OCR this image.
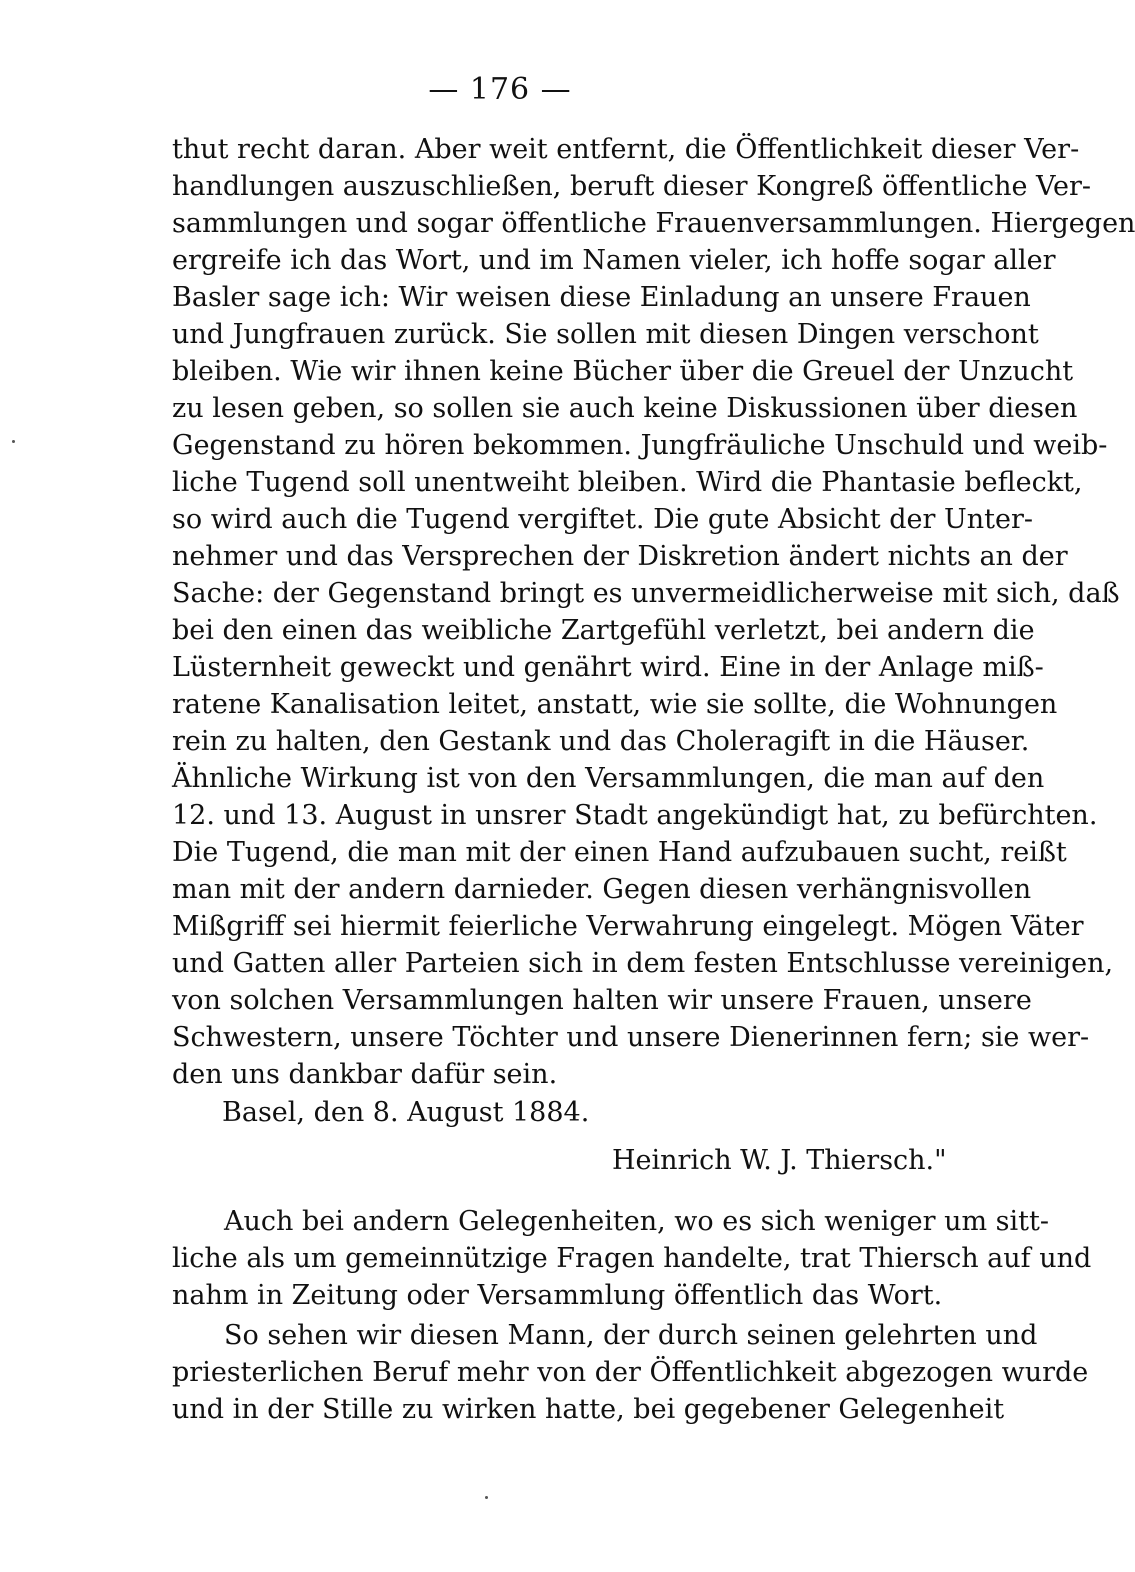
— 176 —
thut recht daran. Aber weit entfernt, die Öffentlichkeit dieser Ver-
handlungen auszuschließen, beruft dieser Kongreß öffentliche Ver-
sammlungen und sogar öffentliche Frauenversammlungen. Hiergegen
ergreife ich das Wort, und im Namen vieler, ich hoffe sogar aller
Basler sage ich: Wir weisen diese Einladung an unsere Frauen
und Jungfrauen zurück. Sie sollen mit diesen Dingen verschont
bleiben. Wie wir ihnen keine Bücher über die Greuel der Unzucht
zu lesen geben, so sollen sie auch keine Diskussionen über diesen
Gegenstand zu hören bekommen. Jungfräuliche Unschuld und weib-
liche Tugend soll unentweiht bleiben. Wird die Phantasie befleckt,
so wird auch die Tugend vergiftet. Die gute Absicht der Unter-
nehmer und das Versprechen der Diskretion ändert nichts an der
Sache: der Gegenstand bringt es unvermeidlicherweise mit sich, daß
bei den einen das weibliche Zartgefühl verletzt, bei andern die
Lüsternheit geweckt und genährt wird. Eine in der Anlage miß-
ratene Kanalisation leitet, anstatt, wie sie sollte, die Wohnungen
rein zu halten, den Gestank und das Choleragift in die Häuser.
Ähnliche Wirkung ist von den Versammlungen, die man auf den
12. und 13. August in unsrer Stadt angekündigt hat, zu befürchten.
Die Tugend, die man mit der einen Hand aufzubauen sucht, reißt
man mit der andern darnieder. Gegen diesen verhängnisvollen
Mißgriff sei hiermit feierliche Verwahrung eingelegt. Mögen Väter
und Gatten aller Parteien sich in dem festen Entschlusse vereinigen,
von solchen Versammlungen halten wir unsere Frauen, unsere
Schwestern, unsere Töchter und unsere Dienerinnen fern; sie wer-
den uns dankbar dafür sein.
Basel, den 8. August 1884.
Heinrich W. J. Thiersch."
Auch bei andern Gelegenheiten, wo es sich weniger um sitt-
liche als um gemeinnützige Fragen handelte, trat Thiersch auf und
nahm in Zeitung oder Versammlung öffentlich das Wort.
So sehen wir diesen Mann, der durch seinen gelehrten und
priesterlichen Beruf mehr von der Öffentlichkeit abgezogen wurde
und in der Stille zu wirken hatte, bei gegebener Gelegenheit
